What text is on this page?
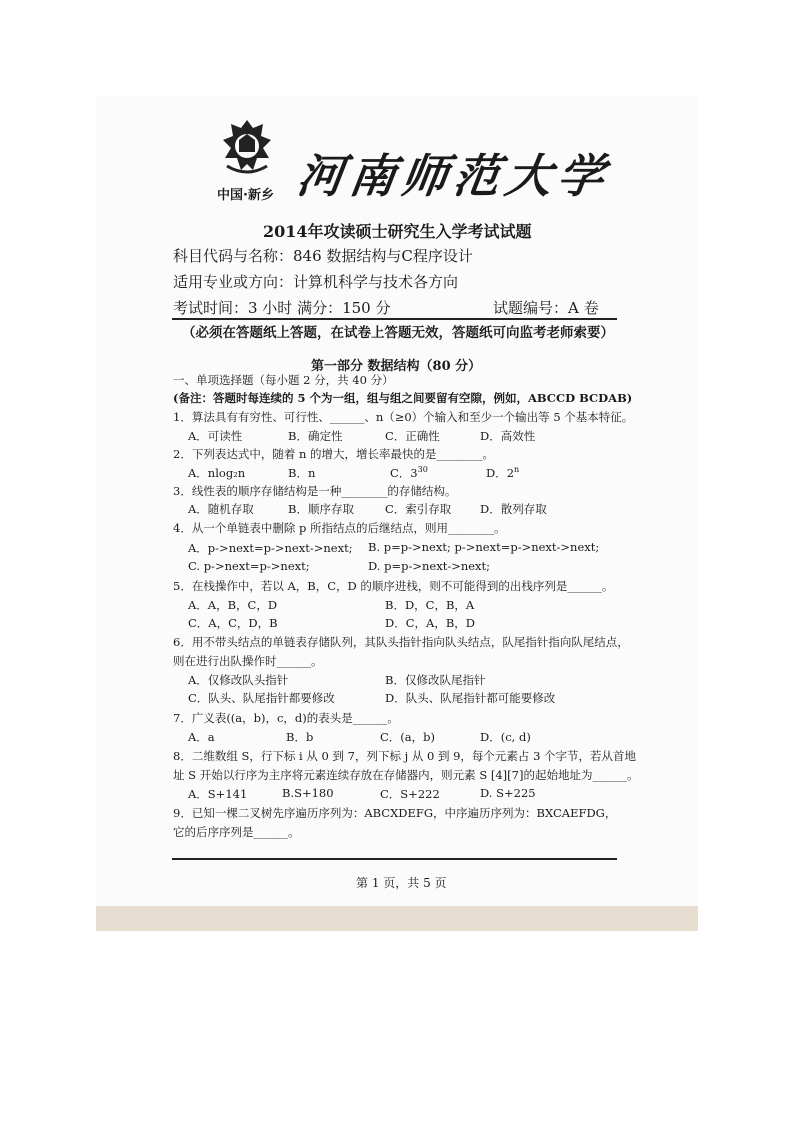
中国·新乡 河南师范大学
2014年攻读硕士研究生入学考试试题
科目代码与名称：846 数据结构与C程序设计
适用专业或方向：计算机科学与技术各方向
考试时间：3 小时 满分：150 分	试题编号：A 卷
（必须在答题纸上答题，在试卷上答题无效，答题纸可向监考老师索要）
第一部分 数据结构（80 分）
一、单项选择题（每小题 2 分，共 40 分）
(备注：答题时每连续的 5 个为一组，组与组之间要留有空隙，例如，ABCCD BCDAB)
1．算法具有有穷性、可行性、______、n（≥0）个输入和至少一个输出等 5 个基本特征。
A．可读性	B．确定性	C．正确性	D．高效性
2．下列表达式中，随着 n 的增大，增长率最快的是________。
A．nlog₂n	B．n	C．$3^{30}$	D．2$^n$
3．线性表的顺序存储结构是一种________的存储结构。
A．随机存取	B．顺序存取	C．索引存取 D．散列存取
4．从一个单链表中删除 p 所指结点的后继结点，则用________。
A．p->next=p->next->next; B. p=p->next; p->next=p->next->next;
C. p->next=p->next;	D. p=p->next->next;
5．在栈操作中，若以 A，B，C，D 的顺序进栈，则不可能得到的出栈序列是______。
A．A，B，C，D	B．D，C，B，A
C．A，C，D，B	D．C，A，B，D
6．用不带头结点的单链表存储队列，其队头指针指向队头结点，队尾指针指向队尾结点，
则在进行出队操作时______。
A．仅修改队头指针	B．仅修改队尾指针
C．队头、队尾指针都要修改	D．队头、队尾指针都可能要修改
7．广义表((a，b)，c，d)的表头是______。
A．a	B．b	C．(a，b)	D．(c, d)
8．二维数组 S，行下标 i 从 0 到 7，列下标 j 从 0 到 9，每个元素占 3 个字节，若从首地
址 S 开始以行序为主序将元素连续存放在存储器内，则元素 S [4][7]的起始地址为______。
A．S+141	B.S+180	C．S+222	D. S+225
9．已知一棵二叉树先序遍历序列为：ABCXDEFG，中序遍历序列为：BXCAEFDG，
它的后序序列是______。
第 1 页，共 5 页
